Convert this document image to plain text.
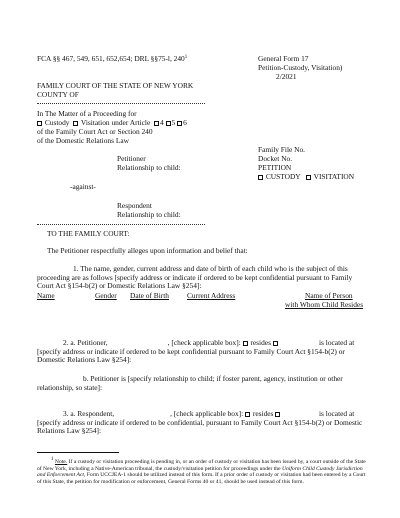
FCA §§ 467, 549, 651, 652,654; DRL §§75-l, $240^1$	General Form 17
Petition-Custody, Visitation)
2/2021
FAMILY COURT OF THE STATE OF NEW YORK
COUNTY OF
In The Matter of a Proceeding for
Custody Visitation under Article 4 5 6
of the Family Court Act or Section 240
of the Domestic Relations Law
Petitioner
Relationship to child:
-against-
Respondent
Relationship to child:
Family File No.
Docket No.
PETITION
CUSTODY VISITATION
TO THE FAMILY COURT:
The Petitioner respectfully alleges upon information and belief that:
1. The name, gender, current address and date of birth of each child who is the subject of this proceeding are as follows [specify address or indicate if ordered to be kept confidential pursuant to Family Court Act §154-b(2) or Domestic Relations Law §254]:
Name	Gender Date of Birth Current Address	Name of Person
with Whom Child Resides
2. a. Petitioner,	, [check applicable box]: resides	is located at [specify address or indicate if ordered to be kept confidential pursuant to Family Court Act §154-b(2) or Domestic Relations Law §254]:
b. Petitioner is [specify relationship to child; if foster parent, agency, institution or other relationship, so state]:
3. a. Respondent,	, [check applicable box]: resides	is located at [specify address or indicate if ordered to be confidential, pursuant to Family Court Act §154-b(2) or Domestic Relations Law §254]:
1 Note. If a custody or visitation proceeding is pending in, or an order of custody or visitation has been issued by, a court outside of the State of New York, including a Native-American tribunal, the custody/visitation petition for proceedings under the Uniform Child Custody Jurisdiction and Enforcement Act, Form UCCJEA-1 should be utilized instead of this form. If a prior order of custody or visitation had been entered by a Court of this State, the petition for modification or enforcement, General Forms 40 or 41, should be used instead of this form.
